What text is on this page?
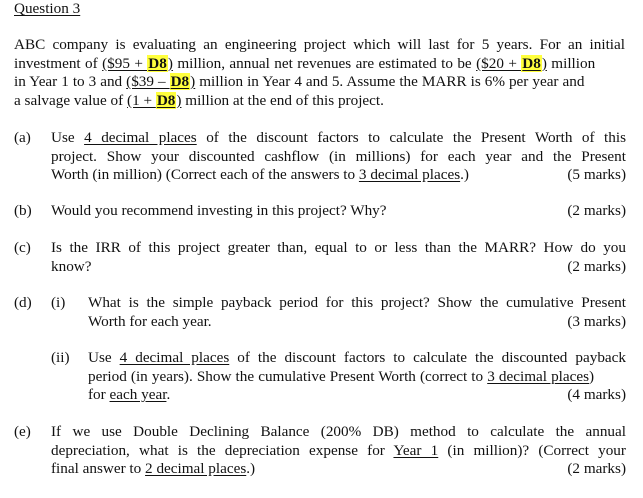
Question 3
ABC company is evaluating an engineering project which will last for 5 years. For an initial
investment of ($95 + D8) million, annual net revenues are estimated to be ($20 + D8) million
in Year 1 to 3 and ($39 – D8) million in Year 4 and 5. Assume the MARR is 6% per year and
a salvage value of (1 + D8) million at the end of this project.
(a) Use 4 decimal places of the discount factors to calculate the Present Worth of this
project. Show your discounted cashflow (in millions) for each year and the Present
Worth (in million) (Correct each of the answers to 3 decimal places.)	(5 marks)
(b) Would you recommend investing in this project? Why?	(2 marks)
(c) Is the IRR of this project greater than, equal to or less than the MARR? How do you
know?	(2 marks)
(d) (i) What is the simple payback period for this project? Show the cumulative Present
Worth for each year.	(3 marks)
(ii) Use 4 decimal places of the discount factors to calculate the discounted payback
period (in years). Show the cumulative Present Worth (correct to 3 decimal places)
for each year.	(4 marks)
(e) If we use Double Declining Balance (200% DB) method to calculate the annual
depreciation, what is the depreciation expense for Year 1 (in million)? (Correct your
final answer to 2 decimal places.)	(2 marks)
